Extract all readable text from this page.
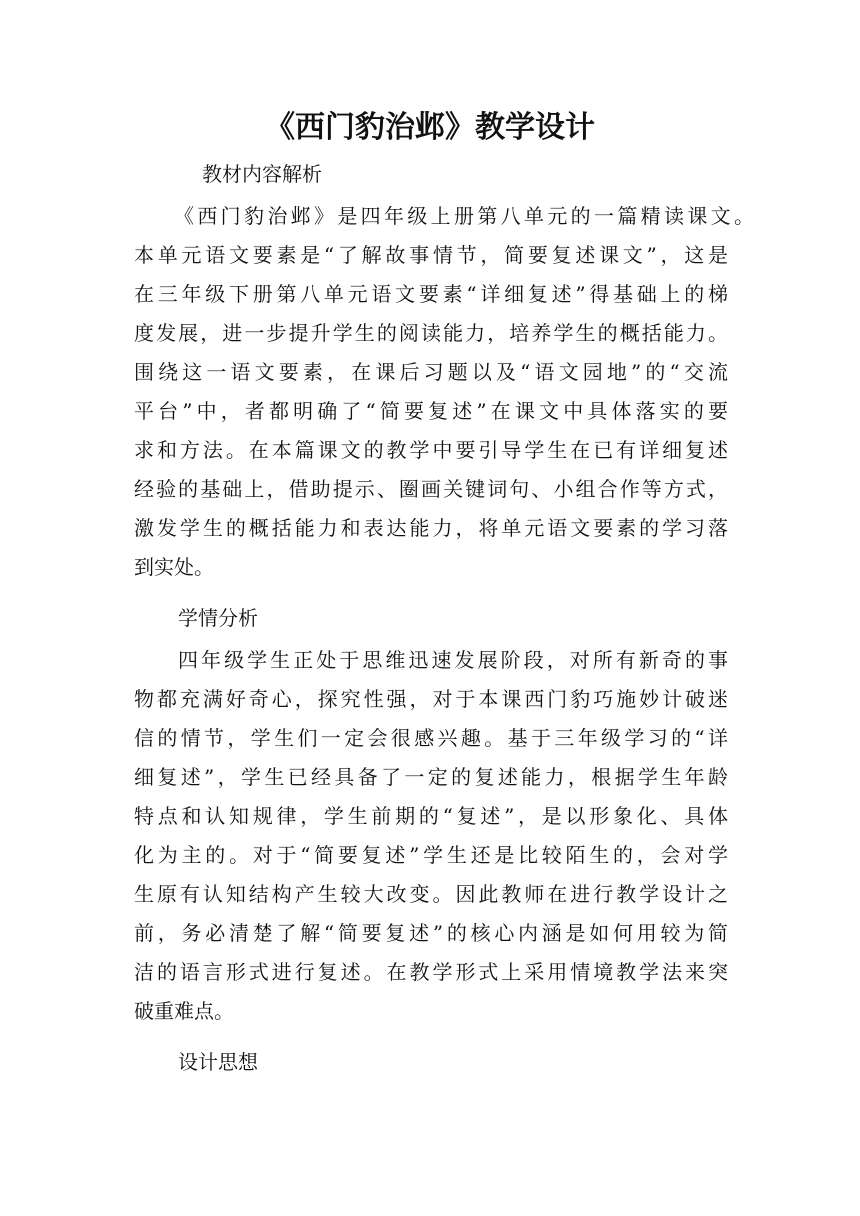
《西门豹治邺》教学设计
教材内容解析
《西门豹治邺》是四年级上册第八单元的一篇精读课文。
本单元语文要素是“了解故事情节，简要复述课文”，这是
在三年级下册第八单元语文要素“详细复述”得基础上的梯
度发展，进一步提升学生的阅读能力，培养学生的概括能力。
围绕这一语文要素，在课后习题以及“语文园地”的“交流
平台”中，者都明确了“简要复述”在课文中具体落实的要
求和方法。在本篇课文的教学中要引导学生在已有详细复述
经验的基础上，借助提示、圈画关键词句、小组合作等方式，
激发学生的概括能力和表达能力，将单元语文要素的学习落
到实处。
学情分析
四年级学生正处于思维迅速发展阶段，对所有新奇的事
物都充满好奇心，探究性强，对于本课西门豹巧施妙计破迷
信的情节，学生们一定会很感兴趣。基于三年级学习的“详
细复述”，学生已经具备了一定的复述能力，根据学生年龄
特点和认知规律，学生前期的“复述”，是以形象化、具体
化为主的。对于“简要复述”学生还是比较陌生的，会对学
生原有认知结构产生较大改变。因此教师在进行教学设计之
前，务必清楚了解“简要复述”的核心内涵是如何用较为简
洁的语言形式进行复述。在教学形式上采用情境教学法来突
破重难点。
设计思想
